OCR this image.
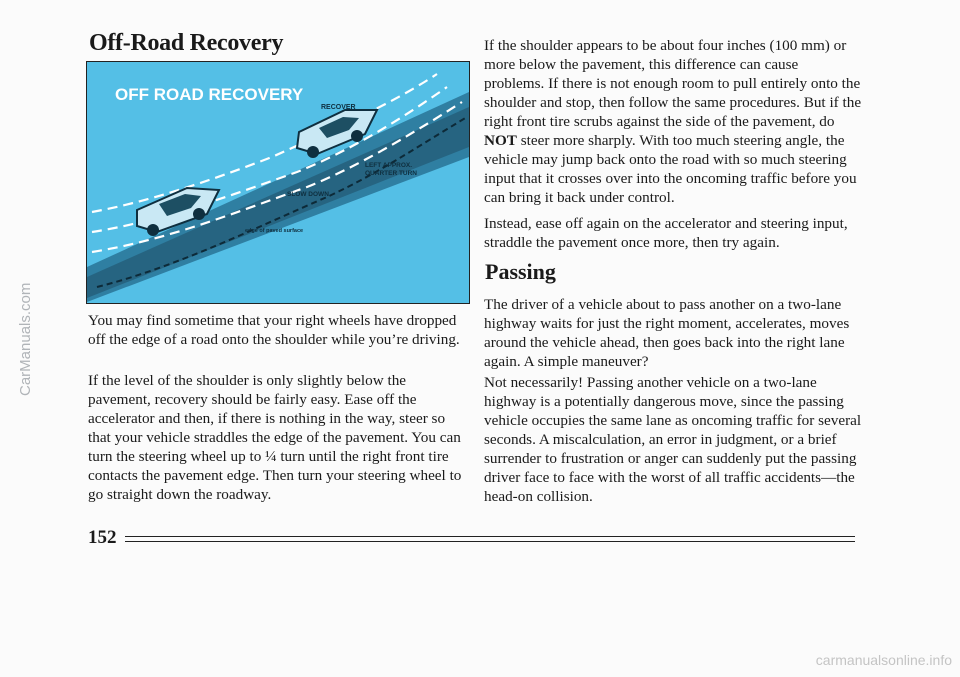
Off-Road Recovery
OFF ROAD RECOVERY
RECOVER
LEFT APPROX.
QUARTER TURN
SLOW DOWN
edge of paved surface

You may find sometime that your right wheels have dropped off the edge of a road onto the shoulder while you’re driving.

If the level of the shoulder is only slightly below the pavement, recovery should be fairly easy. Ease off the accelerator and then, if there is nothing in the way, steer so that your vehicle straddles the edge of the pavement. You can turn the steering wheel up to ¼ turn until the right front tire contacts the pavement edge. Then turn your steering wheel to go straight down the roadway.

If the shoulder appears to be about four inches (100 mm) or more below the pavement, this difference can cause problems. If there is not enough room to pull entirely onto the shoulder and stop, then follow the same procedures. But if the right front tire scrubs against the side of the pavement, do NOT steer more sharply. With too much steering angle, the vehicle may jump back onto the road with so much steering input that it crosses over into the oncoming traffic before you can bring it back under control.

Instead, ease off again on the accelerator and steering input, straddle the pavement once more, then try again.

Passing

The driver of a vehicle about to pass another on a two-lane highway waits for just the right moment, accelerates, moves around the vehicle ahead, then goes back into the right lane again. A simple maneuver?

Not necessarily! Passing another vehicle on a two-lane highway is a potentially dangerous move, since the passing vehicle occupies the same lane as oncoming traffic for several seconds. A miscalculation, an error in judgment, or a brief surrender to frustration or anger can suddenly put the passing driver face to face with the worst of all traffic accidents—the head-on collision.

152
CarManuals.com
carmanualsonline.info
